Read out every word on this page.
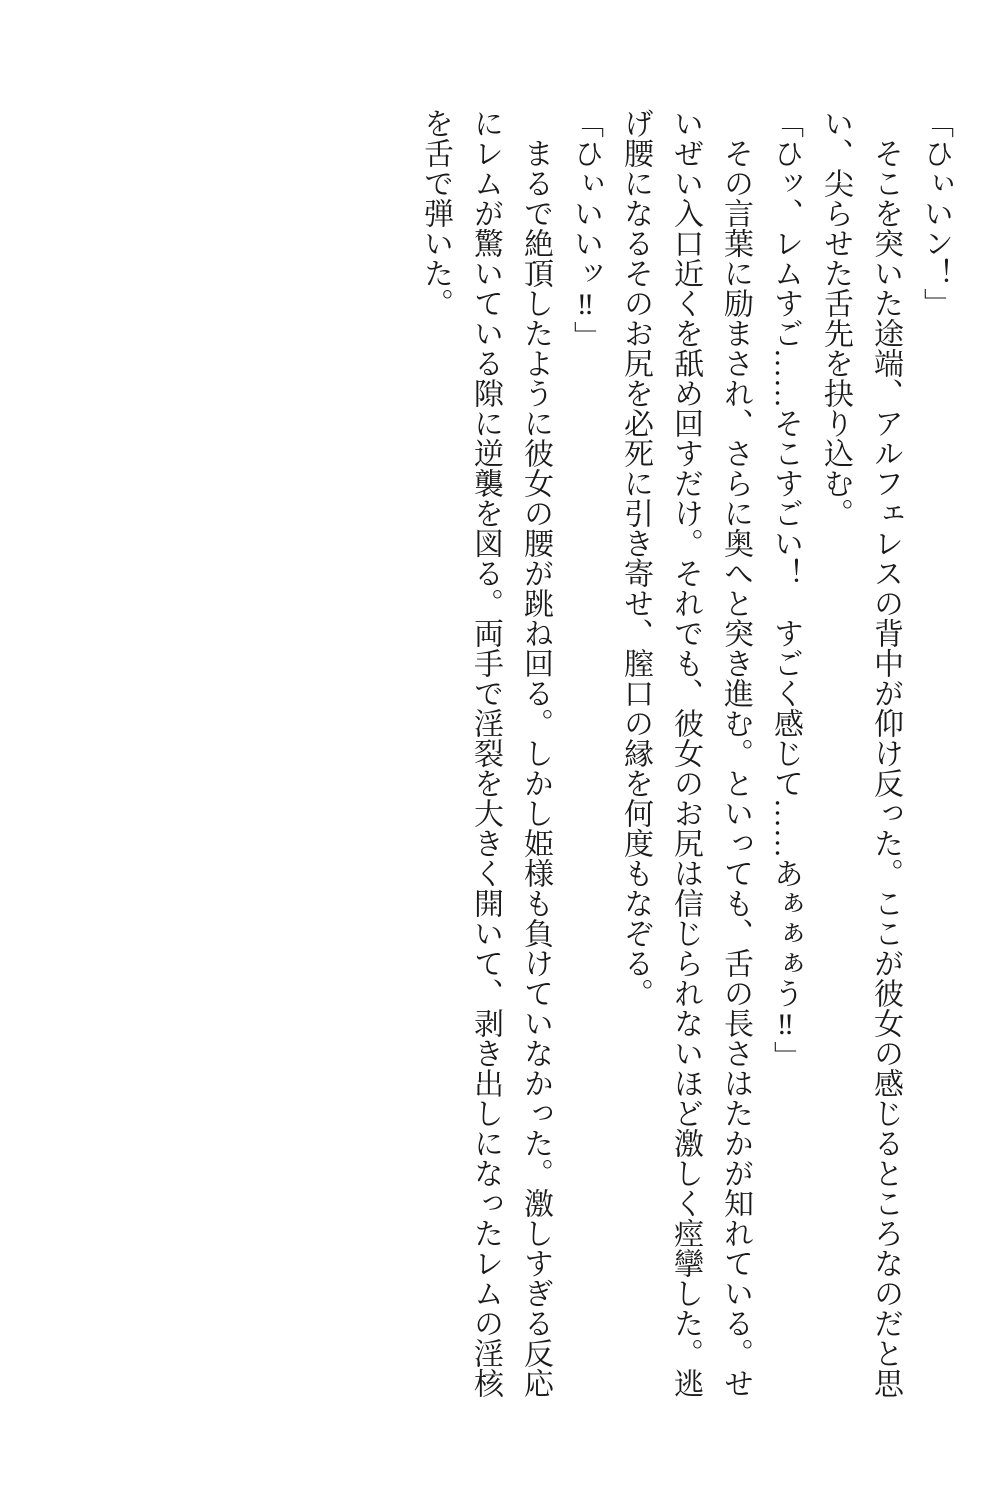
「ひぃいン！」

そこを突いた途端、アルフェレスの背中が仰け反った。ここが彼女の感じるところなのだと思い、尖らせた舌先を抉り込む。

「ひッ、レムすご……そこすごい！　すごく感じて……あぁぁぁう‼」

その言葉に励まされ、さらに奥へと突き進む。といっても、舌の長さはたかが知れている。せいぜい入口近くを舐め回すだけ。それでも、彼女のお尻は信じられないほど激しく痙攣した。逃げ腰になるそのお尻を必死に引き寄せ、膣口の縁を何度もなぞる。

「ひぃいいッ‼」

まるで絶頂したように彼女の腰が跳ね回る。しかし姫様も負けていなかった。激しすぎる反応にレムが驚いている隙に逆襲を図る。両手で淫裂を大きく開いて、剥き出しになったレムの淫核を舌で弾いた。
